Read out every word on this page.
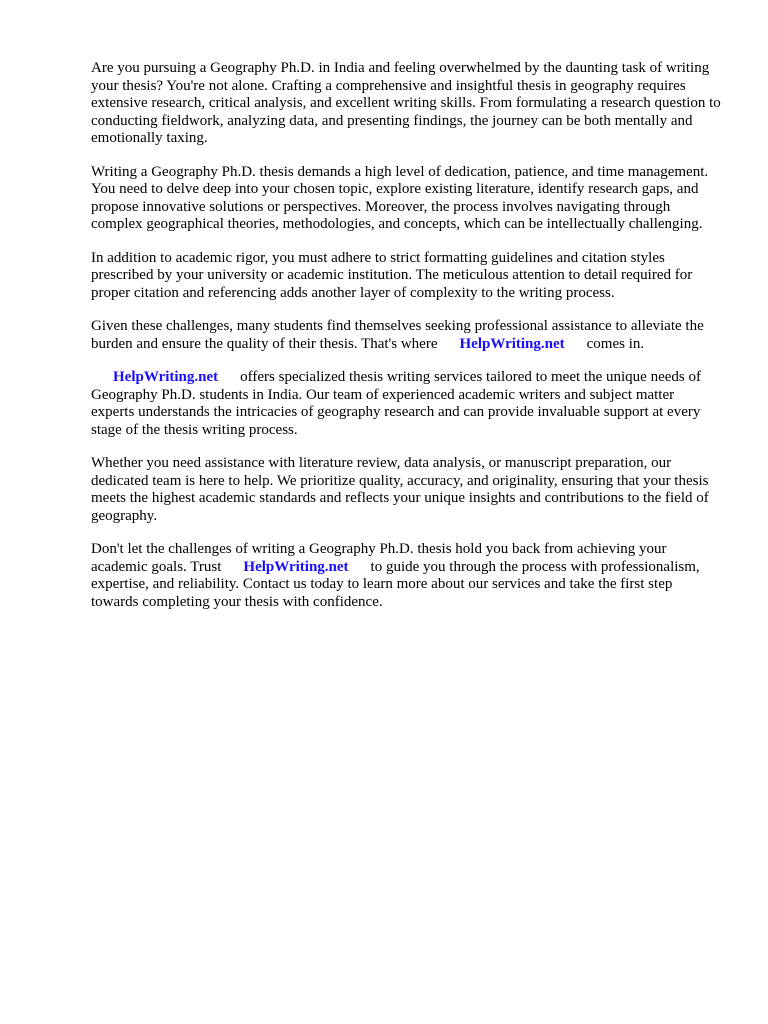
Are you pursuing a Geography Ph.D. in India and feeling overwhelmed by the daunting task of writing your thesis? You're not alone. Crafting a comprehensive and insightful thesis in geography requires extensive research, critical analysis, and excellent writing skills. From formulating a research question to conducting fieldwork, analyzing data, and presenting findings, the journey can be both mentally and emotionally taxing.

Writing a Geography Ph.D. thesis demands a high level of dedication, patience, and time management. You need to delve deep into your chosen topic, explore existing literature, identify research gaps, and propose innovative solutions or perspectives. Moreover, the process involves navigating through complex geographical theories, methodologies, and concepts, which can be intellectually challenging.

In addition to academic rigor, you must adhere to strict formatting guidelines and citation styles prescribed by your university or academic institution. The meticulous attention to detail required for proper citation and referencing adds another layer of complexity to the writing process.

Given these challenges, many students find themselves seeking professional assistance to alleviate the burden and ensure the quality of their thesis. That's where HelpWriting.net comes in.

HelpWriting.net offers specialized thesis writing services tailored to meet the unique needs of Geography Ph.D. students in India. Our team of experienced academic writers and subject matter experts understands the intricacies of geography research and can provide invaluable support at every stage of the thesis writing process.

Whether you need assistance with literature review, data analysis, or manuscript preparation, our dedicated team is here to help. We prioritize quality, accuracy, and originality, ensuring that your thesis meets the highest academic standards and reflects your unique insights and contributions to the field of geography.

Don't let the challenges of writing a Geography Ph.D. thesis hold you back from achieving your academic goals. Trust HelpWriting.net to guide you through the process with professionalism, expertise, and reliability. Contact us today to learn more about our services and take the first step towards completing your thesis with confidence.
